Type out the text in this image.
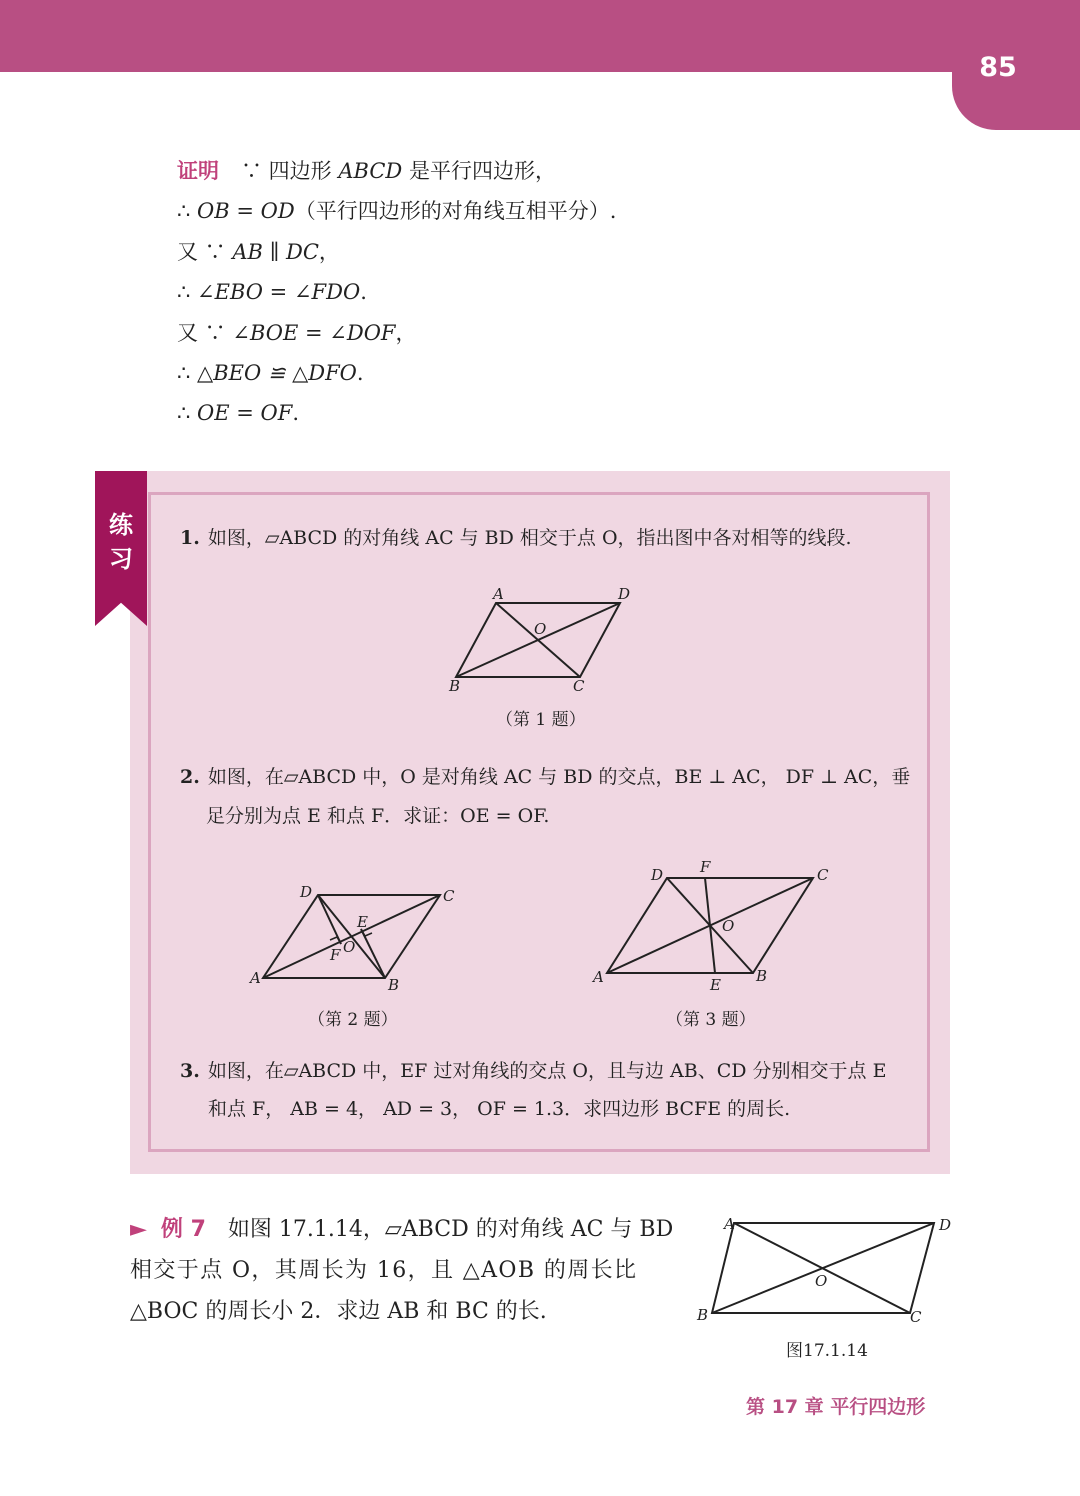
85
证明 ∵ 四边形 ABCD 是平行四边形，
∴ OB = OD（平行四边形的对角线互相平分）.
又 ∵ AB ∥ DC，
∴ ∠EBO = ∠FDO.
又 ∵ ∠BOE = ∠DOF，
∴ △BEO ≌ △DFO.
∴ OE = OF.
练
习
1. 如图，▱ABCD 的对角线 AC 与 BD 相交于点 O，指出图中各对相等的线段.
A	D
O
B	C
（第 1 题）
2. 如图，在▱ABCD 中，O 是对角线 AC 与 BD 的交点，BE ⊥ AC， DF ⊥ AC，垂
足分别为点 E 和点 F．求证：OE = OF.
D	C
E
O
F
A	B
（第 2 题）
D F	C
O
A	E B
（第 3 题）
3. 如图，在▱ABCD 中，EF 过对角线的交点 O，且与边 AB、CD 分别相交于点 E
和点 F， AB = 4， AD = 3， OF = 1.3．求四边形 BCFE 的周长.
► 例 7 如图 17.1.14，▱ABCD 的对角线 AC 与 BD
相交于点 O，其周长为 16，且 △AOB 的周长比
△BOC 的周长小 2．求边 AB 和 BC 的长.
A	D
O
B	C
图17.1.14
第 17 章 平行四边形
